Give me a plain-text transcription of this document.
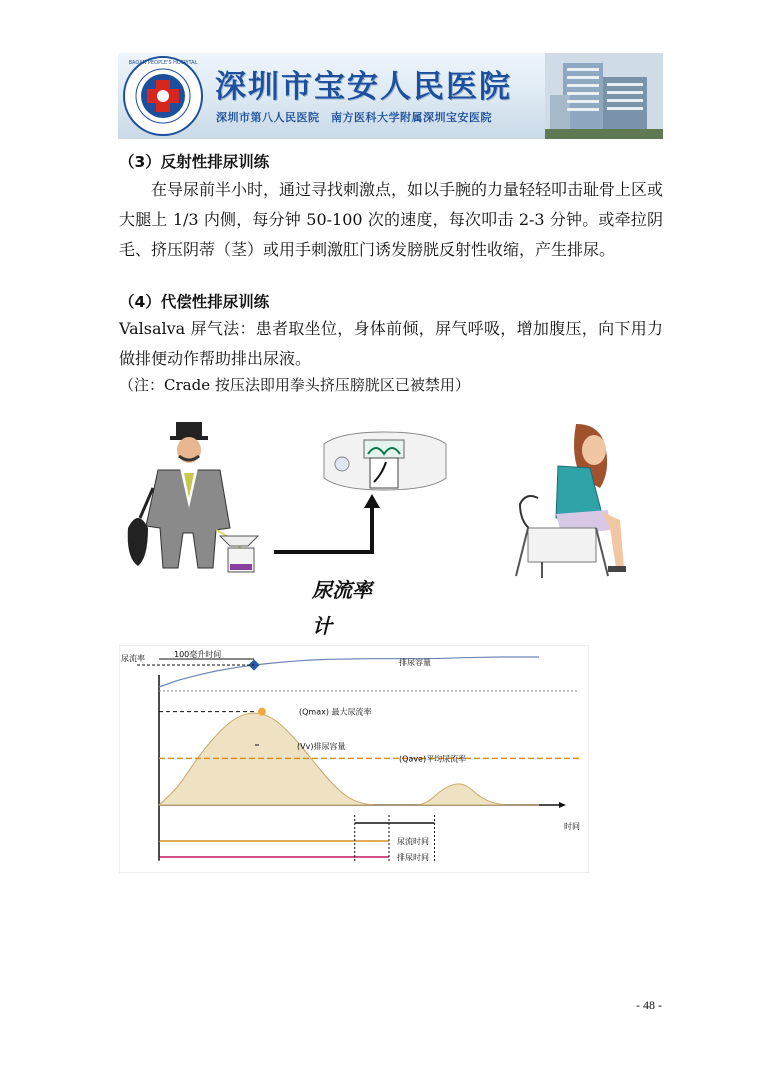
BAOAN PEOPLE'S HOSPITAL
深圳市宝安人民医院
深圳市第八人民医院　南方医科大学附属深圳宝安医院
（3）反射性排尿训练
在导尿前半小时，通过寻找刺激点，如以手腕的力量轻轻叩击耻骨上区或大腿上 1/3 内侧，每分钟 50-100 次的速度，每次叩击 2-3 分钟。或牵拉阴毛、挤压阴蒂（茎）或用手刺激肛门诱发膀胱反射性收缩，产生排尿。
（4）代偿性排尿训练
Valsalva 屏气法：患者取坐位，身体前倾，屏气呼吸，增加腹压，向下用力做排便动作帮助排出尿液。
（注：Crade 按压法即用拳头挤压膀胱区已被禁用）
尿流率
计
尿流率
时间
100毫升时间
排尿容量
(Qmax) 最大尿流率
(Qave)平均尿流率
(Vv)排尿容量
尿流时间
排尿时间
- 48 -
